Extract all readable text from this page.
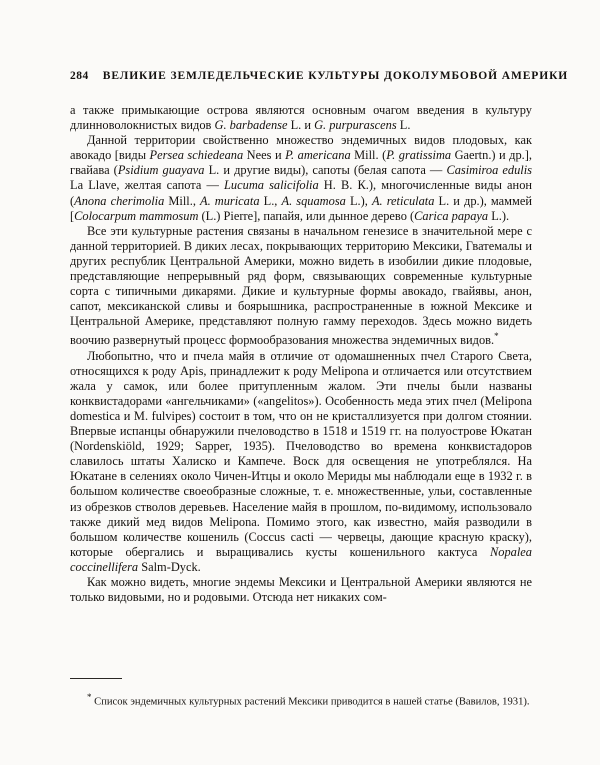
284 ВЕЛИКИЕ ЗЕМЛЕДЕЛЬЧЕСКИЕ КУЛЬТУРЫ ДОКОЛУМБОВОЙ АМЕРИКИ

а также примыкающие острова являются основным очагом введения в культуру длинноволокнистых видов G. barbadense L. и G. purpurascens L.

Данной территории свойственно множество эндемичных видов плодовых, как авокадо [виды Persea schiedeana Nees и P. americana Mill. (P. gratissima Gaertn.) и др.], гвайава (Psidium guayava L. и другие виды), сапоты (белая сапота — Casimiroa edulis La Llave, желтая сапота — Lucuma salicifolia Н. В. К.), многочисленные виды анон (Anona cherimolia Mill., A. muricata L., A. squamosa L.), A. reticulata L. и др.), маммей [Colocarpum mammosum (L.) Pierre], папайя, или дынное дерево (Carica papaya L.).

Все эти культурные растения связаны в начальном генезисе в значительной мере с данной территорией. В диких лесах, покрывающих территорию Мексики, Гватемалы и других республик Центральной Америки, можно видеть в изобилии дикие плодовые, представляющие непрерывный ряд форм, связывающих современные культурные сорта с типичными дикарями. Дикие и культурные формы авокадо, гвайявы, анон, сапот, мексиканской сливы и боярышника, распространенные в южной Мексике и Центральной Америке, представляют полную гамму переходов. Здесь можно видеть воочию развернутый процесс формообразования множества эндемичных видов.*

Любопытно, что и пчела майя в отличие от одомашненных пчел Старого Света, относящихся к роду Apis, принадлежит к роду Melipona и отличается или отсутствием жала у самок, или более притупленным жалом. Эти пчелы были названы конквистадорами «ангельчиками» («angelitos»). Особенность меда этих пчел (Melipona domestica и M. fulvipes) состоит в том, что он не кристаллизуется при долгом стоянии. Впервые испанцы обнаружили пчеловодство в 1518 и 1519 гг. на полуострове Юкатан (Nordenskiöld, 1929; Sapper, 1935). Пчеловодство во времена конквистадоров славилось штаты Халиско и Кампече. Воск для освещения не употреблялся. На Юкатане в селениях около Чичен-Итцы и около Мериды мы наблюдали еще в 1932 г. в большом количестве своеобразные сложные, т. е. множественные, ульи, составленные из обрезков стволов деревьев. Население майя в прошлом, по-видимому, использовало также дикий мед видов Melipona. Помимо этого, как известно, майя разводили в большом количестве кошениль (Coccus cacti — червецы, дающие красную краску), которые обергались и выращивались кусты кошенильного кактуса Nopalea coccinellifera Salm-Dyck.

Как можно видеть, многие эндемы Мексики и Центральной Америки являются не только видовыми, но и родовыми. Отсюда нет никаких сом-

* Список эндемичных культурных растений Мексики приводится в нашей статье (Вавилов, 1931).
